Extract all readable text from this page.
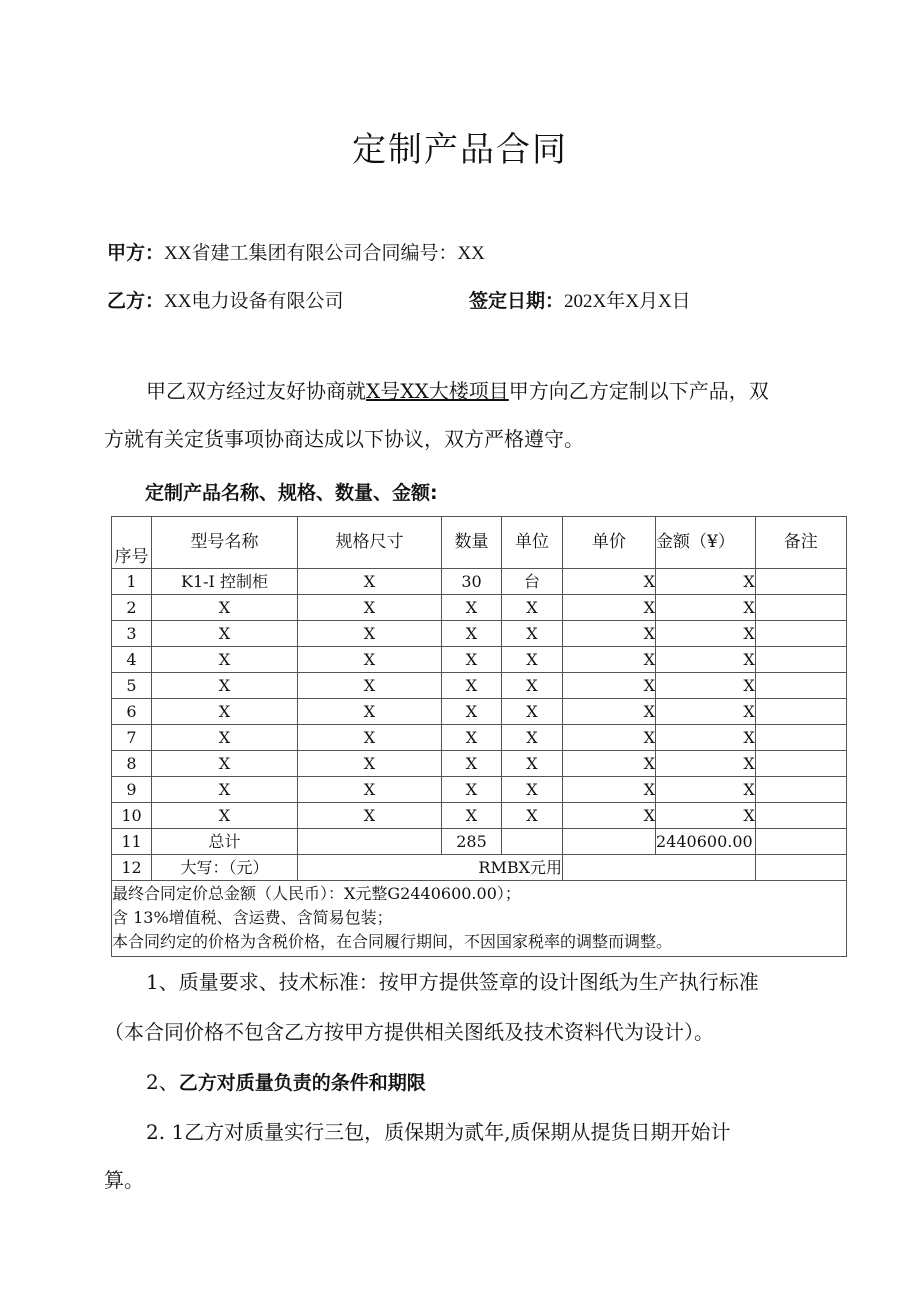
定制产品合同
甲方：XX省建工集团有限公司合同编号：XX
乙方：XX电力设备有限公司	签定日期：202X年X月X日
甲乙双方经过友好协商就X号XX大楼项目甲方向乙方定制以下产品，双
方就有关定货事项协商达成以下协议，双方严格遵守。
定制产品名称、规格、数量、金额:
序号	型号名称	规格尺寸	数量	单位	单价	金额（¥）	备注
1	K1-I 控制柜	X	30	台	X	X	
2	X	X	X	X	X	X	
3	X	X	X	X	X	X	
4	X	X	X	X	X	X	
5	X	X	X	X	X	X	
6	X	X	X	X	X	X	
7	X	X	X	X	X	X	
8	X	X	X	X	X	X	
9	X	X	X	X	X	X	
10	X	X	X	X	X	X	
11	总计		285			2440600.00	
12	大写：（元）	RMBX元用					

最终合同定价总金额（人民币）：X元整G2440600.00）；
含 13%增值税、含运费、含简易包装；
本合同约定的价格为含税价格，在合同履行期间，不因国家税率的调整而调整。							
1、质量要求、技术标准：按甲方提供签章的设计图纸为生产执行标准
（本合同价格不包含乙方按甲方提供相关图纸及技术资料代为设计）。
2、乙方对质量负责的条件和期限
2. 1乙方对质量实行三包，质保期为贰年,质保期从提货日期开始计
算。
